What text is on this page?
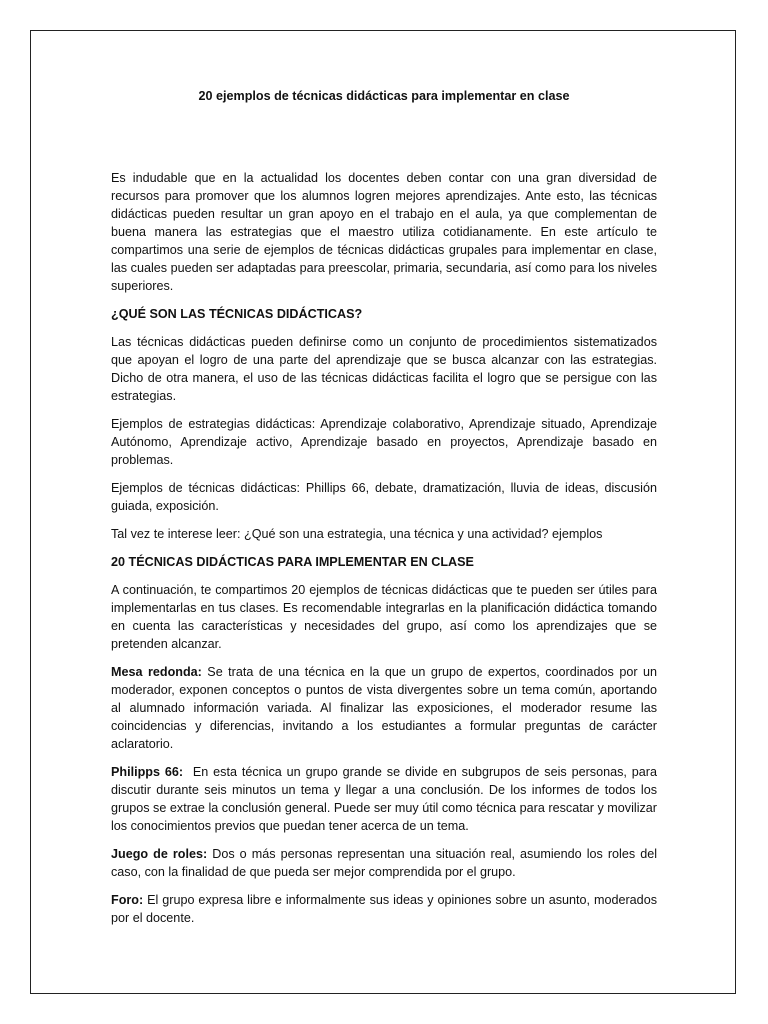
20 ejemplos de técnicas didácticas para implementar en clase

Es indudable que en la actualidad los docentes deben contar con una gran diversidad de recursos para promover que los alumnos logren mejores aprendizajes. Ante esto, las técnicas didácticas pueden resultar un gran apoyo en el trabajo en el aula, ya que complementan de buena manera las estrategias que el maestro utiliza cotidianamente. En este artículo te compartimos una serie de ejemplos de técnicas didácticas grupales para implementar en clase, las cuales pueden ser adaptadas para preescolar, primaria, secundaria, así como para los niveles superiores.

¿QUÉ SON LAS TÉCNICAS DIDÁCTICAS?

Las técnicas didácticas pueden definirse como un conjunto de procedimientos sistematizados que apoyan el logro de una parte del aprendizaje que se busca alcanzar con las estrategias. Dicho de otra manera, el uso de las técnicas didácticas facilita el logro que se persigue con las estrategias.

Ejemplos de estrategias didácticas: Aprendizaje colaborativo, Aprendizaje situado, Aprendizaje Autónomo, Aprendizaje activo, Aprendizaje basado en proyectos, Aprendizaje basado en problemas.

Ejemplos de técnicas didácticas: Phillips 66, debate, dramatización, lluvia de ideas, discusión guiada, exposición.

Tal vez te interese leer: ¿Qué son una estrategia, una técnica y una actividad? ejemplos

20 TÉCNICAS DIDÁCTICAS PARA IMPLEMENTAR EN CLASE

A continuación, te compartimos 20 ejemplos de técnicas didácticas que te pueden ser útiles para implementarlas en tus clases. Es recomendable integrarlas en la planificación didáctica tomando en cuenta las características y necesidades del grupo, así como los aprendizajes que se pretenden alcanzar.

Mesa redonda: Se trata de una técnica en la que un grupo de expertos, coordinados por un moderador, exponen conceptos o puntos de vista divergentes sobre un tema común, aportando al alumnado información variada. Al finalizar las exposiciones, el moderador resume las coincidencias y diferencias, invitando a los estudiantes a formular preguntas de carácter aclaratorio.

Philipps 66:  En esta técnica un grupo grande se divide en subgrupos de seis personas, para discutir durante seis minutos un tema y llegar a una conclusión. De los informes de todos los grupos se extrae la conclusión general. Puede ser muy útil como técnica para rescatar y movilizar los conocimientos previos que puedan tener acerca de un tema.

Juego de roles: Dos o más personas representan una situación real, asumiendo los roles del caso, con la finalidad de que pueda ser mejor comprendida por el grupo.

Foro: El grupo expresa libre e informalmente sus ideas y opiniones sobre un asunto, moderados por el docente.
